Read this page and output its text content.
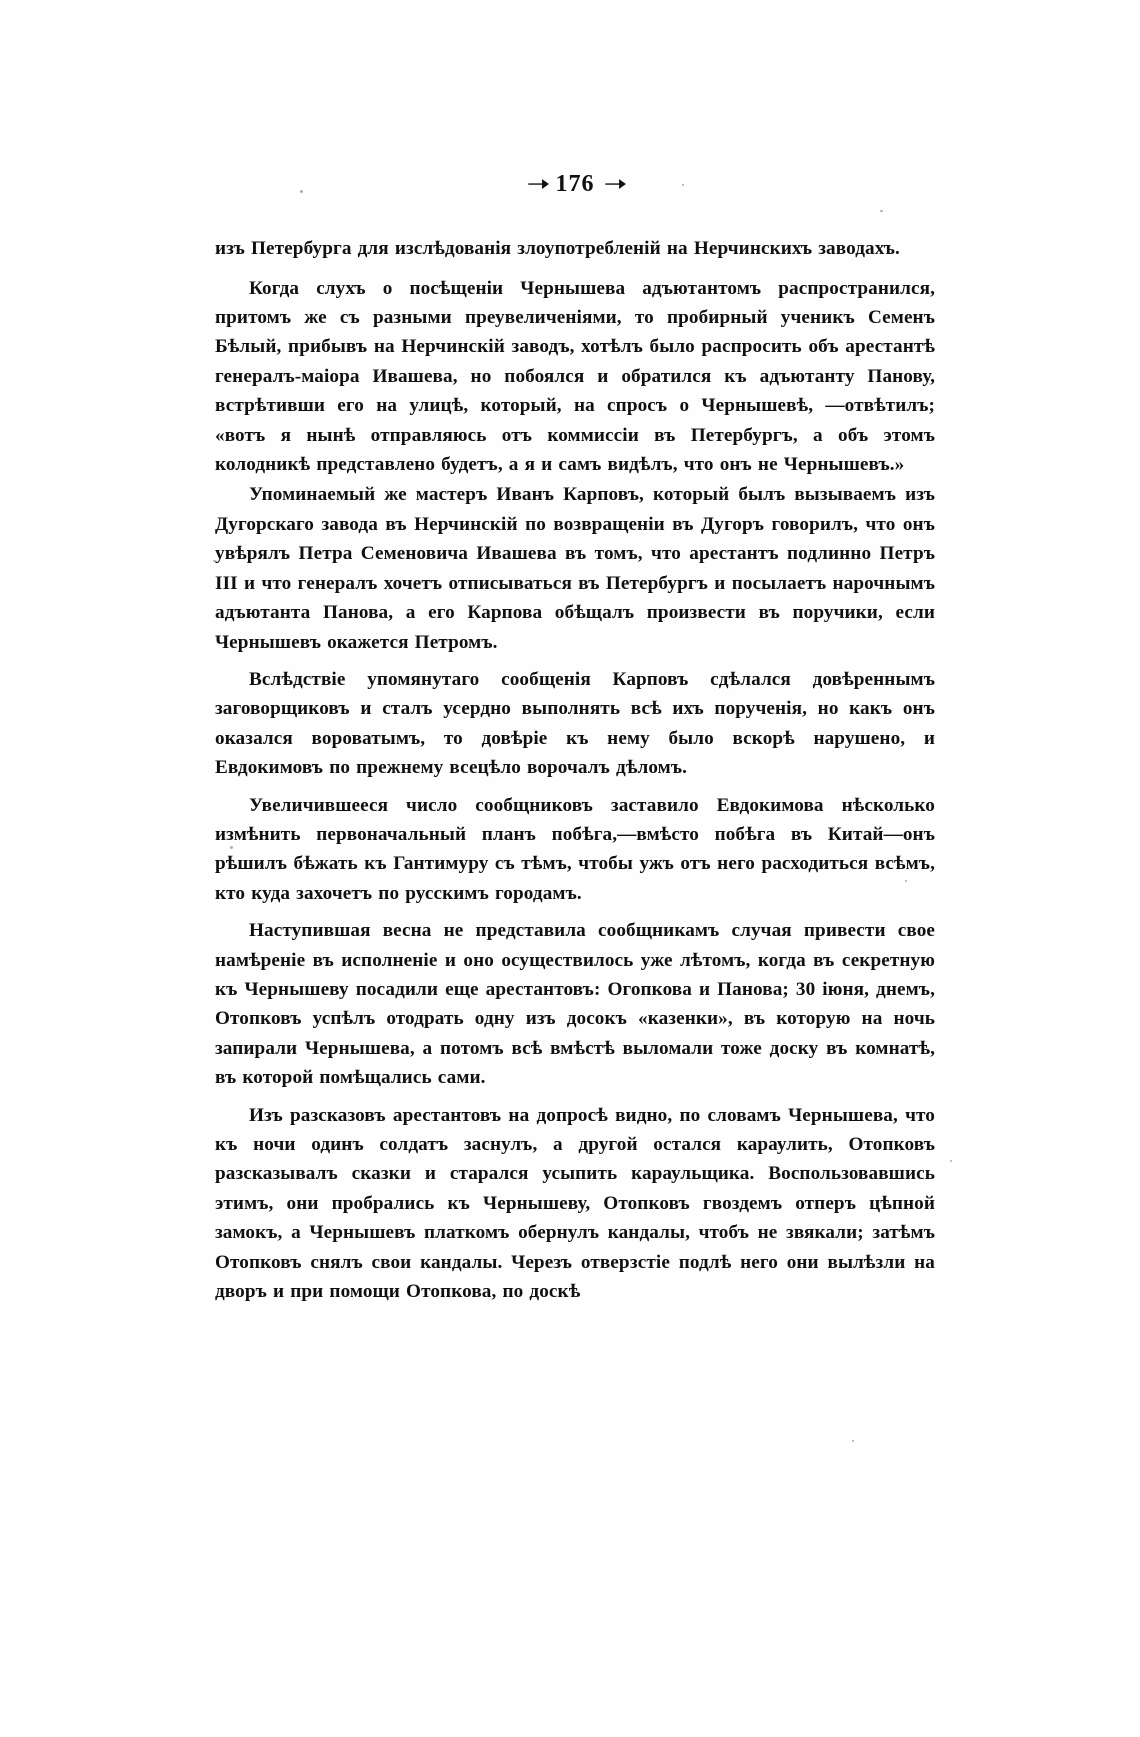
➝ 176 ➝

изъ Петербурга для изслѣдованія злоупотребленій на Нерчинскихъ заводахъ.

Когда слухъ о посѣщеніи Чернышева адъютантомъ распространился, притомъ же съ разными преувеличеніями, то пробирный ученикъ Семенъ Бѣлый, прибывъ на Нерчинскій заводъ, хотѣлъ было распросить объ арестантѣ генералъ-маіора Ивашева, но побоялся и обратился къ адъютанту Панову, встрѣтивши его на улицѣ, который, на спросъ о Чернышевѣ, —отвѣтилъ; «вотъ я нынѣ отправляюсь отъ коммиссіи въ Петербургъ, а объ этомъ колодникѣ представлено будетъ, а я и самъ видѣлъ, что онъ не Чернышевъ.»

Упоминаемый же мастеръ Иванъ Карповъ, который былъ вызываемъ изъ Дугорскаго завода въ Нерчинскій по возвращеніи въ Дугоръ говорилъ, что онъ увѣрялъ Петра Семеновича Ивашева въ томъ, что арестантъ подлинно Петръ III и что генералъ хочетъ отписываться въ Петербургъ и посылаетъ нарочнымъ адъютанта Панова, а его Карпова обѣщалъ произвести въ поручики, если Чернышевъ окажется Петромъ.

Вслѣдствіе упомянутаго сообщенія Карповъ сдѣлался довѣреннымъ заговорщиковъ и сталъ усердно выполнять всѣ ихъ порученія, но какъ онъ оказался вороватымъ, то довѣріе къ нему было вскорѣ нарушено, и Евдокимовъ по прежнему всецѣло ворочалъ дѣломъ.

Увеличившееся число сообщниковъ заставило Евдокимова нѣсколько измѣнить первоначальный планъ побѣга,—вмѣсто побѣга въ Китай—онъ рѣшилъ бѣжать къ Гантимуру съ тѣмъ, чтобы ужъ отъ него расходиться всѣмъ, кто куда захочетъ по русскимъ городамъ.

Наступившая весна не представила сообщникамъ случая привести свое намѣреніе въ исполненіе и оно осуществилось уже лѣтомъ, когда въ секретную къ Чернышеву посадили еще арестантовъ: Огопкова и Панова; 30 іюня, днемъ, Отопковъ успѣлъ отодрать одну изъ досокъ «казенки», въ которую на ночь запирали Чернышева, а потомъ всѣ вмѣстѣ выломали тоже доску въ комнатѣ, въ которой помѣщались сами.

Изъ разсказовъ арестантовъ на допросѣ видно, по словамъ Чернышева, что къ ночи одинъ солдатъ заснулъ, а другой остался караулить, Отопковъ разсказывалъ сказки и старался усыпить караульщика. Воспользовавшись этимъ, они пробрались къ Чернышеву, Отопковъ гвоздемъ отперъ цѣпной замокъ, а Чернышевъ платкомъ обернулъ кандалы, чтобъ не звякали; затѣмъ Отопковъ снялъ свои кандалы. Черезъ отверзстіе подлѣ него они вылѣзли на дворъ и при помощи Отопкова, по доскѣ
